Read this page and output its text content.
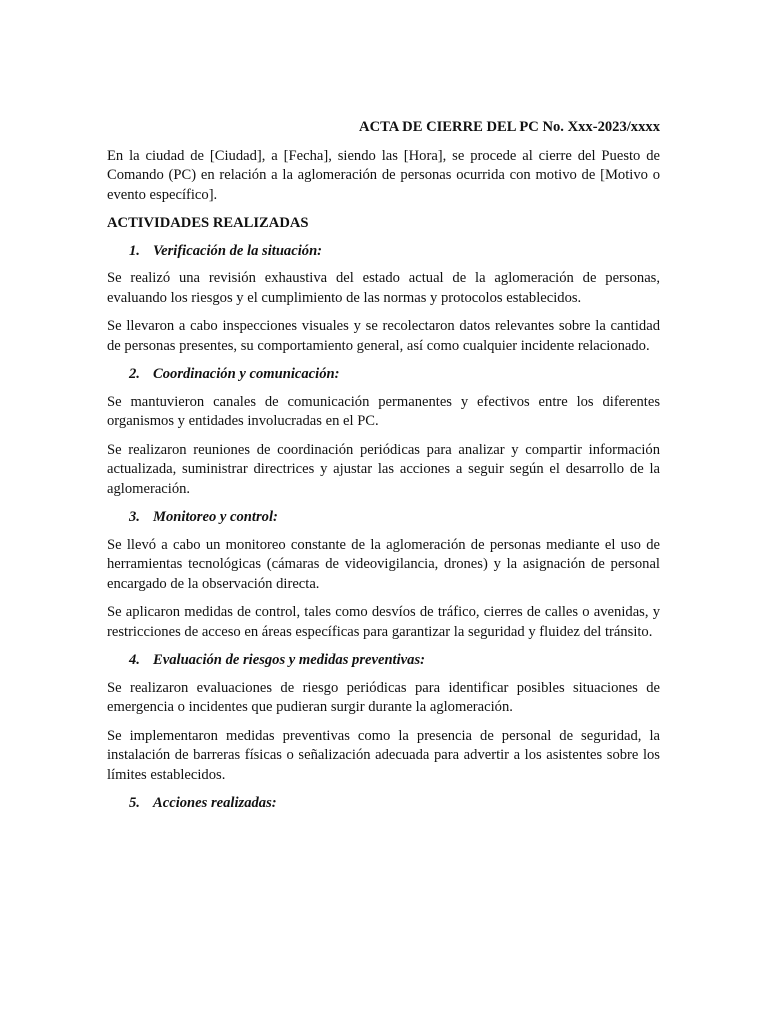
ACTA DE CIERRE DEL PC No. Xxx-2023/xxxx

En la ciudad de [Ciudad], a [Fecha], siendo las [Hora], se procede al cierre del Puesto de Comando (PC) en relación a la aglomeración de personas ocurrida con motivo de [Motivo o evento específico].

ACTIVIDADES REALIZADAS
1. Verificación de la situación:

Se realizó una revisión exhaustiva del estado actual de la aglomeración de personas, evaluando los riesgos y el cumplimiento de las normas y protocolos establecidos.

Se llevaron a cabo inspecciones visuales y se recolectaron datos relevantes sobre la cantidad de personas presentes, su comportamiento general, así como cualquier incidente relacionado.

2. Coordinación y comunicación:

Se mantuvieron canales de comunicación permanentes y efectivos entre los diferentes organismos y entidades involucradas en el PC.

Se realizaron reuniones de coordinación periódicas para analizar y compartir información actualizada, suministrar directrices y ajustar las acciones a seguir según el desarrollo de la aglomeración.

3. Monitoreo y control:

Se llevó a cabo un monitoreo constante de la aglomeración de personas mediante el uso de herramientas tecnológicas (cámaras de videovigilancia, drones) y la asignación de personal encargado de la observación directa.

Se aplicaron medidas de control, tales como desvíos de tráfico, cierres de calles o avenidas, y restricciones de acceso en áreas específicas para garantizar la seguridad y fluidez del tránsito.

4. Evaluación de riesgos y medidas preventivas:

Se realizaron evaluaciones de riesgo periódicas para identificar posibles situaciones de emergencia o incidentes que pudieran surgir durante la aglomeración.

Se implementaron medidas preventivas como la presencia de personal de seguridad, la instalación de barreras físicas o señalización adecuada para advertir a los asistentes sobre los límites establecidos.

5. Acciones realizadas:
